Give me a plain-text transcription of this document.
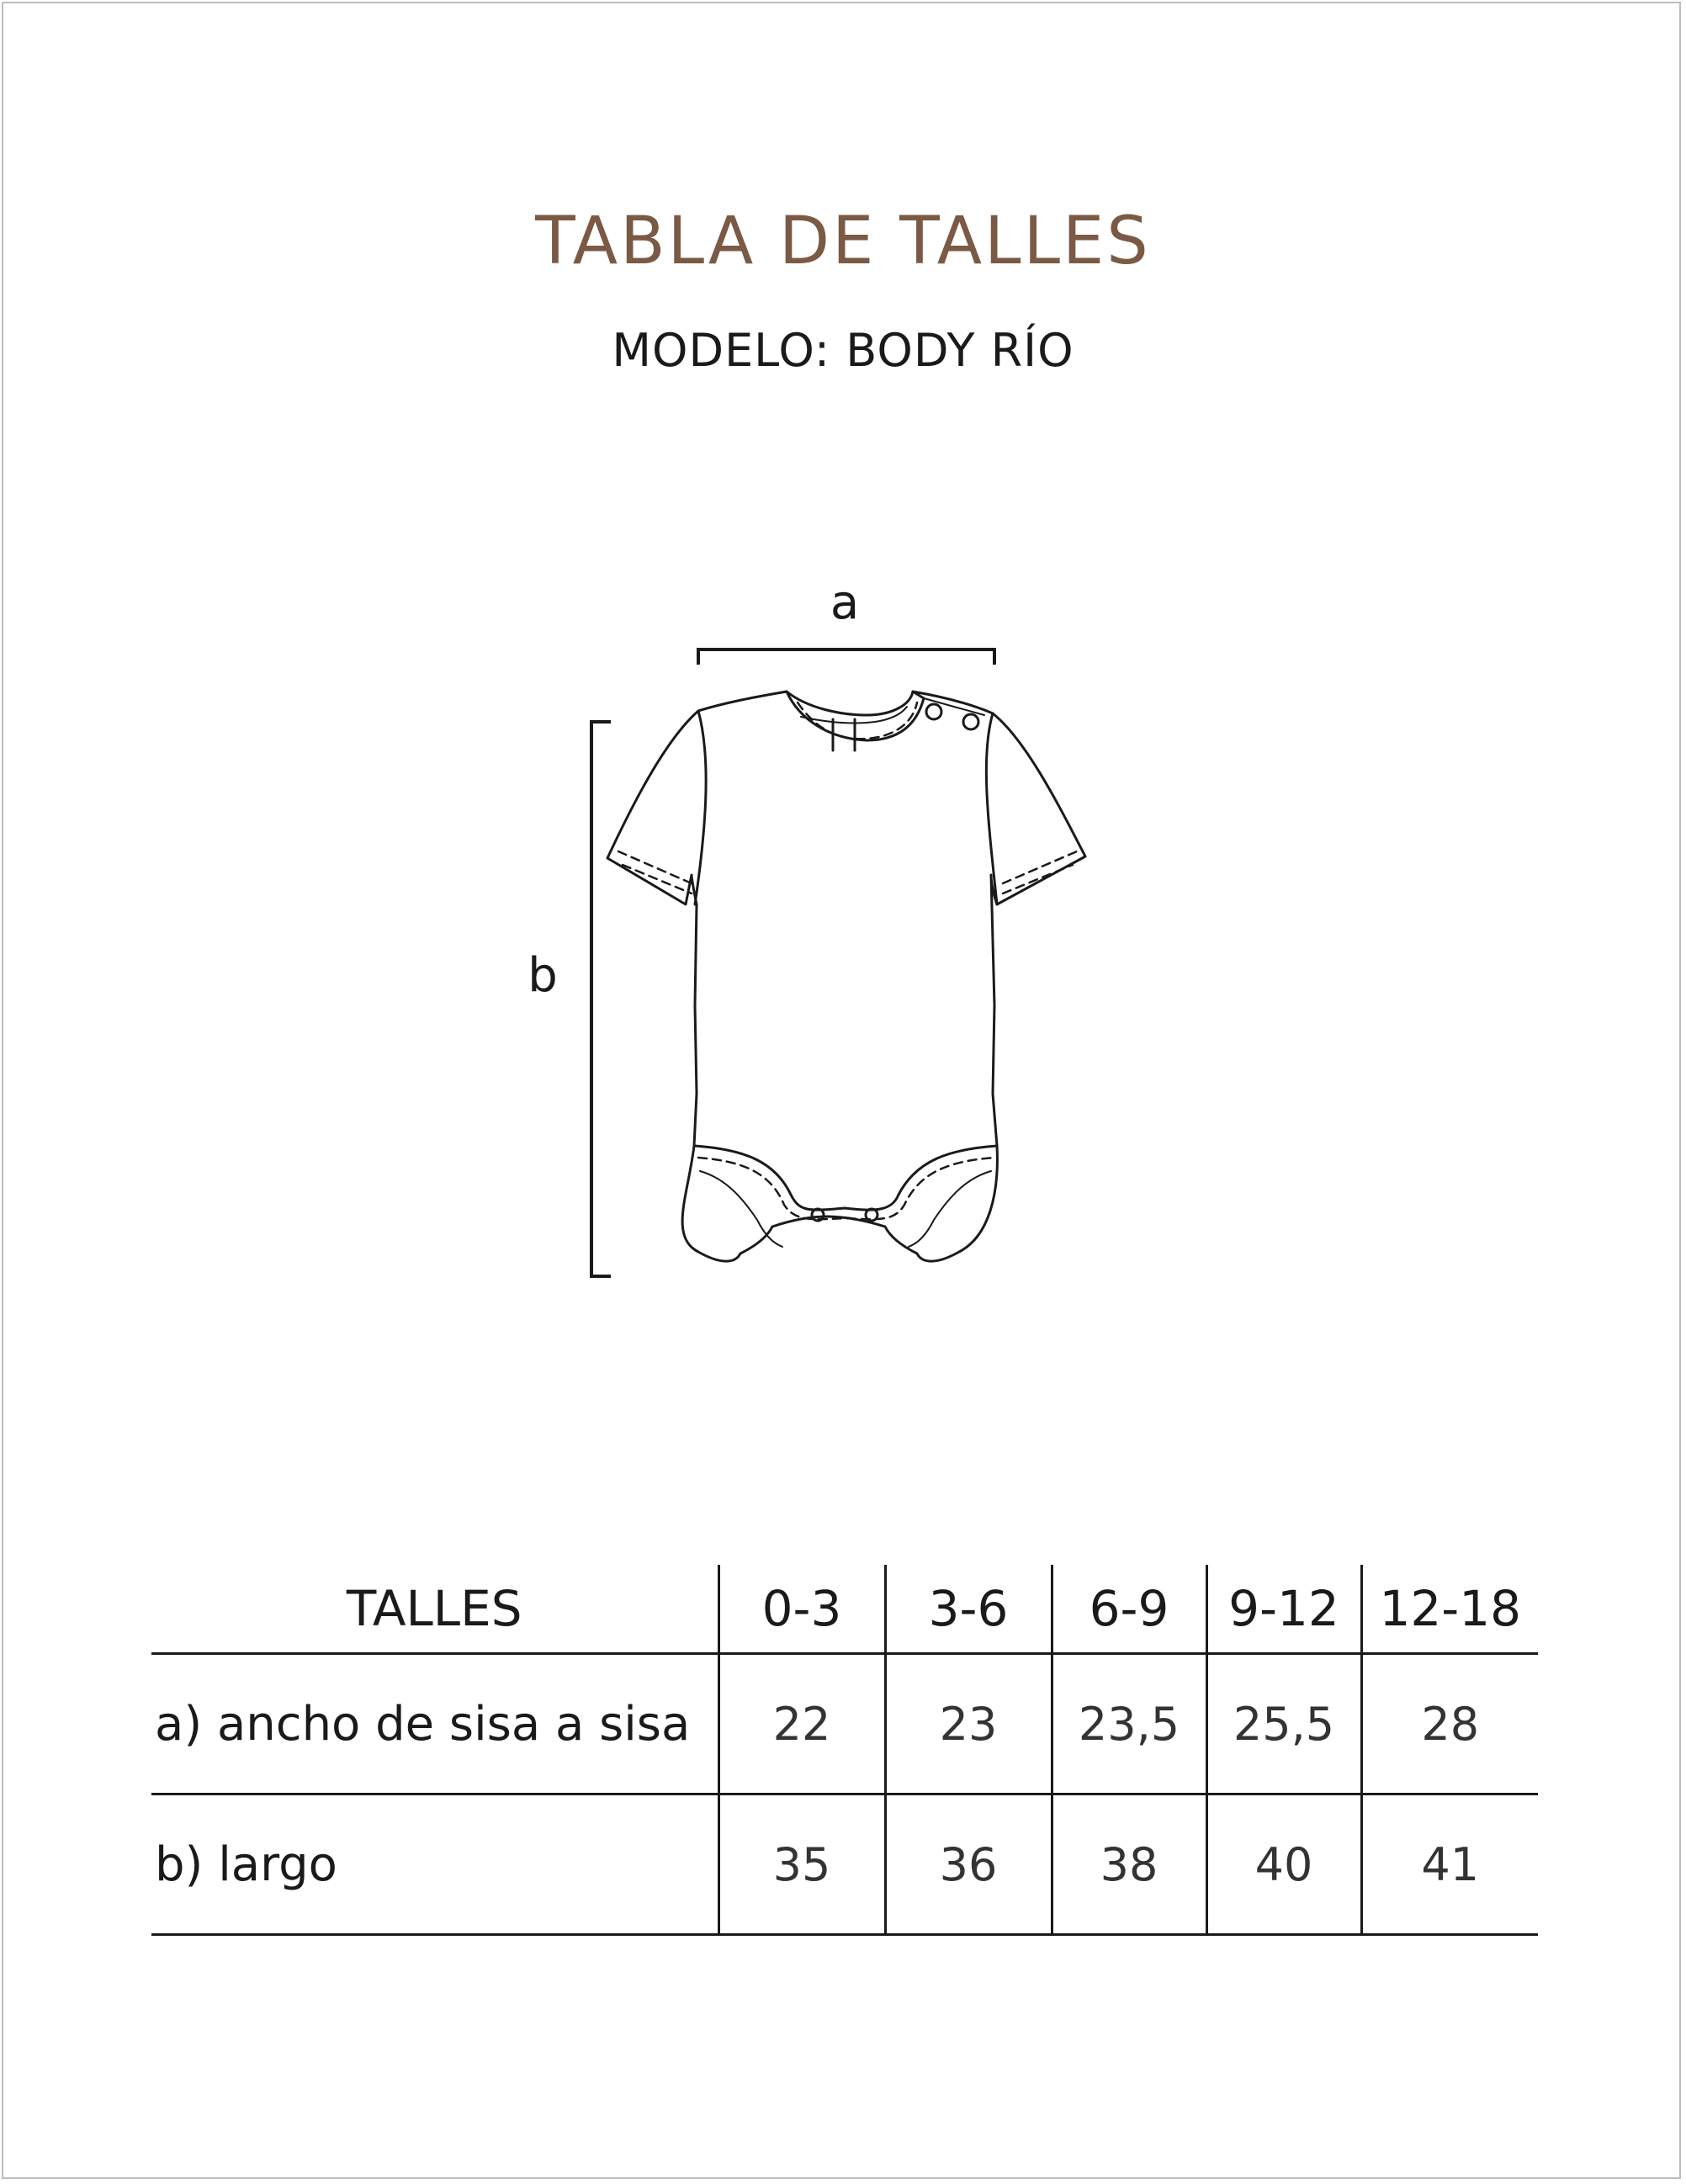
TABLA DE TALLES
MODELO: BODY RÍO
a
b
TALLES	0-3	3-6	6-9	9-12	12-18
a) ancho de sisa a sisa	22	23	23,5	25,5	28
b) largo	35	36	38	40	41
